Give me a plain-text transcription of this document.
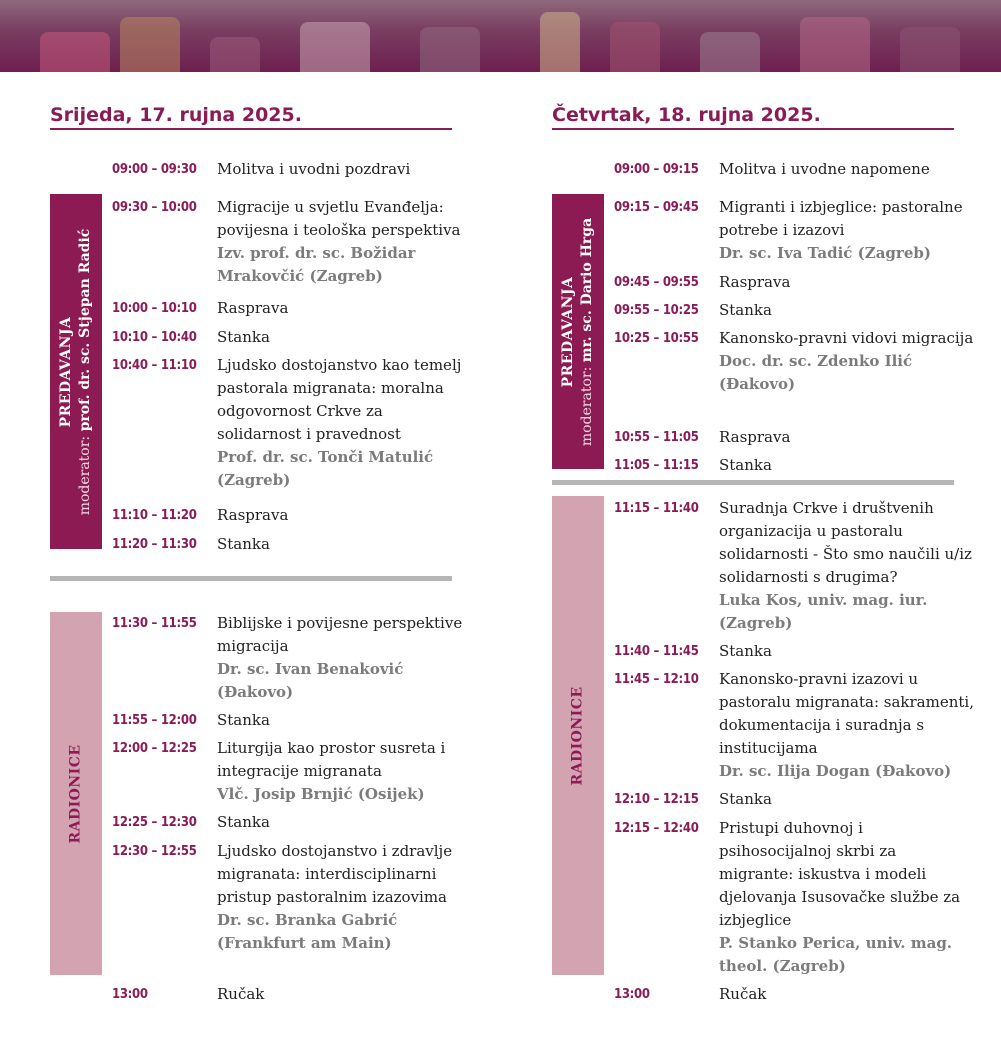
Srijeda, 17. rujna 2025.
PREDAVANJA
moderator: prof. dr. sc. Stjepan Radić
RADIONICE
09:00 – 09:30 Molitva i uvodni pozdravi
09:30 – 10:00 Migracije u svjetlu Evanđelja: povijesna i teološka perspektiva
Izv. prof. dr. sc. Božidar Mrakovčić (Zagreb)
10:00 – 10:10 Rasprava
10:10 – 10:40 Stanka
10:40 – 11:10 Ljudsko dostojanstvo kao temelj pastorala migranata: moralna odgovornost Crkve za solidarnost i pravednost
Prof. dr. sc. Tonči Matulić (Zagreb)
11:10 – 11:20 Rasprava
11:20 – 11:30 Stanka
11:30 – 11:55 Biblijske i povijesne perspektive migracija
Dr. sc. Ivan Benaković (Đakovo)
11:55 – 12:00 Stanka
12:00 – 12:25 Liturgija kao prostor susreta i integracije migranata
Vlč. Josip Brnjić (Osijek)
12:25 – 12:30 Stanka
12:30 – 12:55 Ljudsko dostojanstvo i zdravlje migranata: interdisciplinarni pristup pastoralnim izazovima
Dr. sc. Branka Gabrić (Frankfurt am Main)
13:00	Ručak
Četvrtak, 18. rujna 2025.
PREDAVANJA
moderator: mr. sc. Dario Hrga
RADIONICE
09:00 – 09:15 Molitva i uvodne napomene
09:15 – 09:45 Migranti i izbjeglice: pastoralne potrebe i izazovi
Dr. sc. Iva Tadić (Zagreb)
09:45 – 09:55 Rasprava
09:55 – 10:25 Stanka
10:25 – 10:55 Kanonsko-pravni vidovi migracija
Doc. dr. sc. Zdenko Ilić (Đakovo)
10:55 – 11:05 Rasprava
11:05 – 11:15 Stanka
11:15 – 11:40 Suradnja Crkve i društvenih organizacija u pastoralu solidarnosti - Što smo naučili u/iz solidarnosti s drugima?
Luka Kos, univ. mag. iur. (Zagreb)
11:40 – 11:45 Stanka
11:45 – 12:10 Kanonsko-pravni izazovi u pastoralu migranata: sakramenti, dokumentacija i suradnja s institucijama
Dr. sc. Ilija Dogan (Đakovo)
12:10 – 12:15 Stanka
12:15 – 12:40 Pristupi duhovnoj i psihosocijalnoj skrbi za migrante: iskustva i modeli djelovanja Isusovačke službe za izbjeglice
P. Stanko Perica, univ. mag. theol. (Zagreb)
13:00	Ručak
